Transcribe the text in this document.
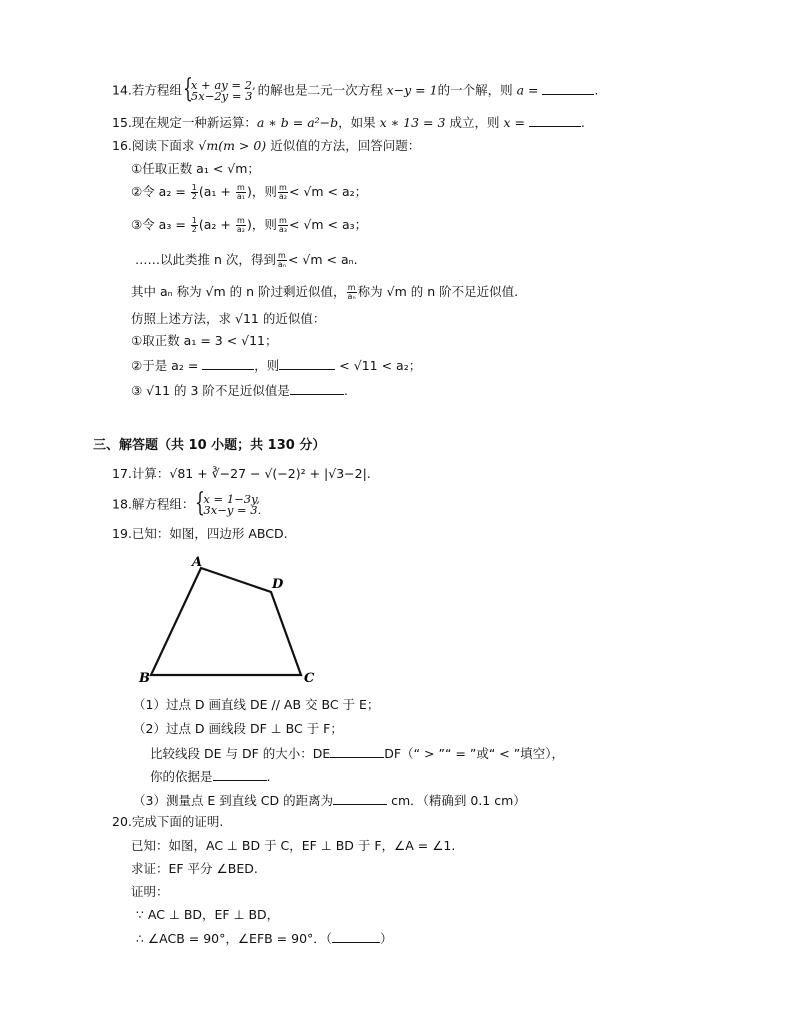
14.若方程组 { x + ay = 2,
5x−2y = 3 的解也是二元一次方程 x−y = 1的一个解，则 a =	.
15.现在规定一种新运算：a ∗ b = a²−b，如果 x ∗ 13 = 3 成立，则 x =	.
16.阅读下面求 √m(m > 0) 近似值的方法，回答问题：
①任取正数 a₁ < √m；
②令 $a_2 = \frac{1}{2} (a_1 + \frac{m}{\text{a₁}}$ )，则 $\frac{m}{\text{a₂}} < √m < a_2$；
③令 $a_3 = \frac{1}{2} (a_2 + \frac{m}{\text{a₂}}$ )，则 $\frac{m}{\text{a₃}} < √m < a_3$；
……以此类推 n 次，得到 $\frac{m}{\text{aₙ}} < √m < a_n$.
其中 aₙ 称为 √m 的 n 阶过剩近似值， $\frac{m}{\text{aₙ}}$ 称为 √m 的 n 阶不足近似值.
仿照上述方法，求 √11 的近似值：
①取正数 a₁ = 3 < √11；
②于是 a₂ =	，则	< √11 < a₂；
③ √11 的 3 阶不足近似值是	.
三、解答题（共 10 小题；共 130 分）
17.计算：√81 + ∛−27 − √(−2)² + |√3−2|.
18.解方程组： { x = 1−3y,
3x−y = 3.
19.已知：如图，四边形 ABCD.
A
D
B	C
（1）过点 D 画直线 DE // AB 交 BC 于 E；
（2）过点 D 画线段 DF ⊥ BC 于 F；
比较线段 DE 与 DF 的大小：DE	DF（“ > ”“ = ”或“ < ”填空），
你的依据是	.
（3）测量点 E 到直线 CD 的距离为	cm．（精确到 0.1 cm）
20.完成下面的证明.
已知：如图，AC ⊥ BD 于 C，EF ⊥ BD 于 F，∠A = ∠1.
求证：EF 平分 ∠BED.
证明：
∵ AC ⊥ BD，EF ⊥ BD，
∴ ∠ACB = 90°，∠EFB = 90°．（	）
